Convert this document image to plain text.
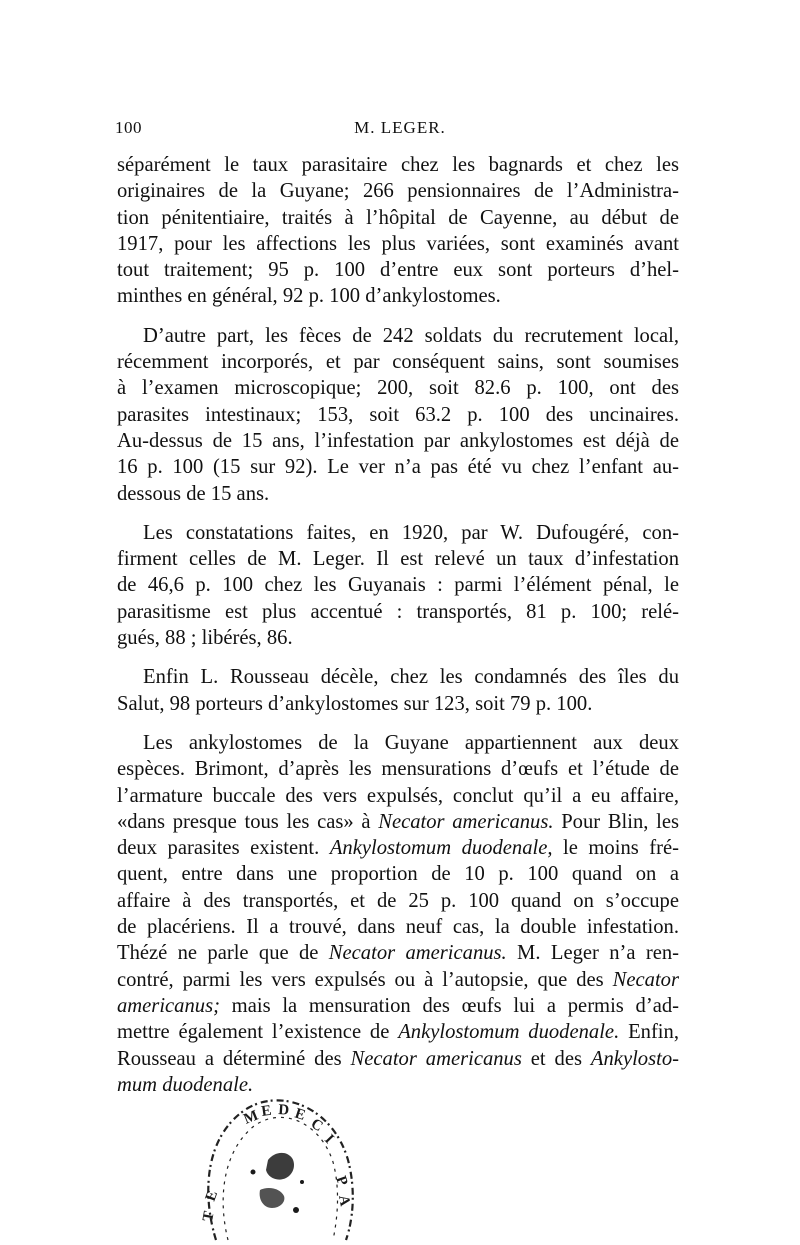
100	M. LEGER.
séparément le taux parasitaire chez les bagnards et chez les
originaires de la Guyane; 266 pensionnaires de l’Administra-
tion pénitentiaire, traités à l’hôpital de Cayenne, au début de
1917, pour les affections les plus variées, sont examinés avant
tout traitement; 95 p. 100 d’entre eux sont porteurs d’hel-
minthes en général, 92 p. 100 d’ankylostomes.
D’autre part, les fèces de 242 soldats du recrutement local,
récemment incorporés, et par conséquent sains, sont soumises
à l’examen microscopique; 200, soit 82.6 p. 100, ont des
parasites intestinaux; 153, soit 63.2 p. 100 des uncinaires.
Au-dessus de 15 ans, l’infestation par ankylostomes est déjà de
16 p. 100 (15 sur 92). Le ver n’a pas été vu chez l’enfant au-
dessous de 15 ans.
Les constatations faites, en 1920, par W. Dufougéré, con-
firment celles de M. Leger. Il est relevé un taux d’infestation
de 46,6 p. 100 chez les Guyanais : parmi l’élément pénal, le
parasitisme est plus accentué : transportés, 81 p. 100; relé-
gués, 88 ; libérés, 86.
Enfin L. Rousseau décèle, chez les condamnés des îles du
Salut, 98 porteurs d’ankylostomes sur 123, soit 79 p. 100.
Les ankylostomes de la Guyane appartiennent aux deux
espèces. Brimont, d’après les mensurations d’œufs et l’étude de
l’armature buccale des vers expulsés, conclut qu’il a eu affaire,
«dans presque tous les cas» à Necator americanus. Pour Blin, les
deux parasites existent. Ankylostomum duodenale, le moins fré-
quent, entre dans une proportion de 10 p. 100 quand on a
affaire à des transportés, et de 25 p. 100 quand on s’occupe
de placériens. Il a trouvé, dans neuf cas, la double infestation.
Thézé ne parle que de Necator americanus. M. Leger n’a ren-
contré, parmi les vers expulsés ou à l’autopsie, que des Necator
americanus; mais la mensuration des œufs lui a permis d’ad-
mettre également l’existence de Ankylostomum duodenale. Enfin,
Rousseau a déterminé des Necator americanus et des Ankylosto-
mum duodenale.
M E D E
C
I
T
E
P
A
